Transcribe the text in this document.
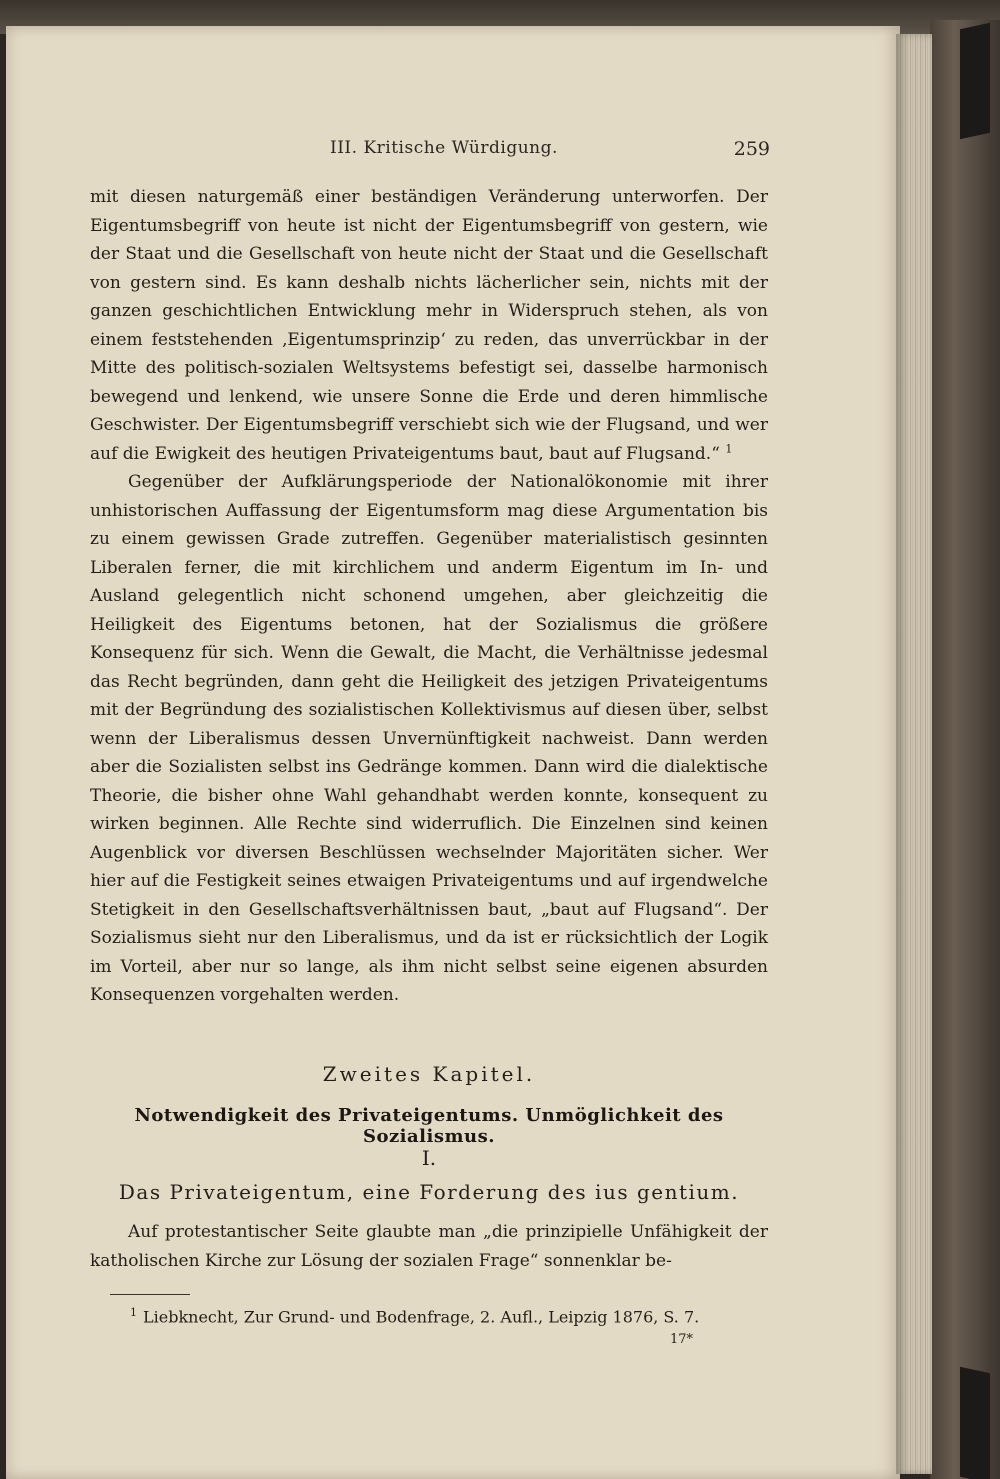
III. Kritische Würdigung.	259

mit diesen naturgemäß einer beständigen Veränderung unterworfen. Der Eigentumsbegriff von heute ist nicht der Eigentumsbegriff von gestern, wie der Staat und die Gesellschaft von heute nicht der Staat und die Gesellschaft von gestern sind. Es kann deshalb nichts lächerlicher sein, nichts mit der ganzen geschichtlichen Entwicklung mehr in Widerspruch stehen, als von einem feststehenden ‚Eigentumsprinzip‘ zu reden, das unverrückbar in der Mitte des politisch-sozialen Weltsystems befestigt sei, dasselbe harmonisch bewegend und lenkend, wie unsere Sonne die Erde und deren himmlische Geschwister. Der Eigentumsbegriff verschiebt sich wie der Flugsand, und wer auf die Ewigkeit des heutigen Privateigentums baut, baut auf Flugsand.“ $^1$

Gegenüber der Aufklärungsperiode der Nationalökonomie mit ihrer unhistorischen Auffassung der Eigentumsform mag diese Argumentation bis zu einem gewissen Grade zutreffen. Gegenüber materialistisch gesinnten Liberalen ferner, die mit kirchlichem und anderm Eigentum im In- und Ausland gelegentlich nicht schonend umgehen, aber gleichzeitig die Heiligkeit des Eigentums betonen, hat der Sozialismus die größere Konsequenz für sich. Wenn die Gewalt, die Macht, die Verhältnisse jedesmal das Recht begründen, dann geht die Heiligkeit des jetzigen Privateigentums mit der Begründung des sozialistischen Kollektivismus auf diesen über, selbst wenn der Liberalismus dessen Unvernünftigkeit nachweist. Dann werden aber die Sozialisten selbst ins Gedränge kommen. Dann wird die dialektische Theorie, die bisher ohne Wahl gehandhabt werden konnte, konsequent zu wirken beginnen. Alle Rechte sind widerruflich. Die Einzelnen sind keinen Augenblick vor diversen Beschlüssen wechselnder Majoritäten sicher. Wer hier auf die Festigkeit seines etwaigen Privateigentums und auf irgendwelche Stetigkeit in den Gesellschaftsverhältnissen baut, „baut auf Flugsand“. Der Sozialismus sieht nur den Liberalismus, und da ist er rücksichtlich der Logik im Vorteil, aber nur so lange, als ihm nicht selbst seine eigenen absurden Konsequenzen vorgehalten werden.

Zweites Kapitel.
Notwendigkeit des Privateigentums. Unmöglichkeit des Sozialismus.
I.
Das Privateigentum, eine Forderung des ius gentium.

Auf protestantischer Seite glaubte man „die prinzipielle Unfähigkeit der katholischen Kirche zur Lösung der sozialen Frage“ sonnenklar be-

$^1$ Liebknecht, Zur Grund- und Bodenfrage, 2. Aufl., Leipzig 1876, S. 7.
17*
